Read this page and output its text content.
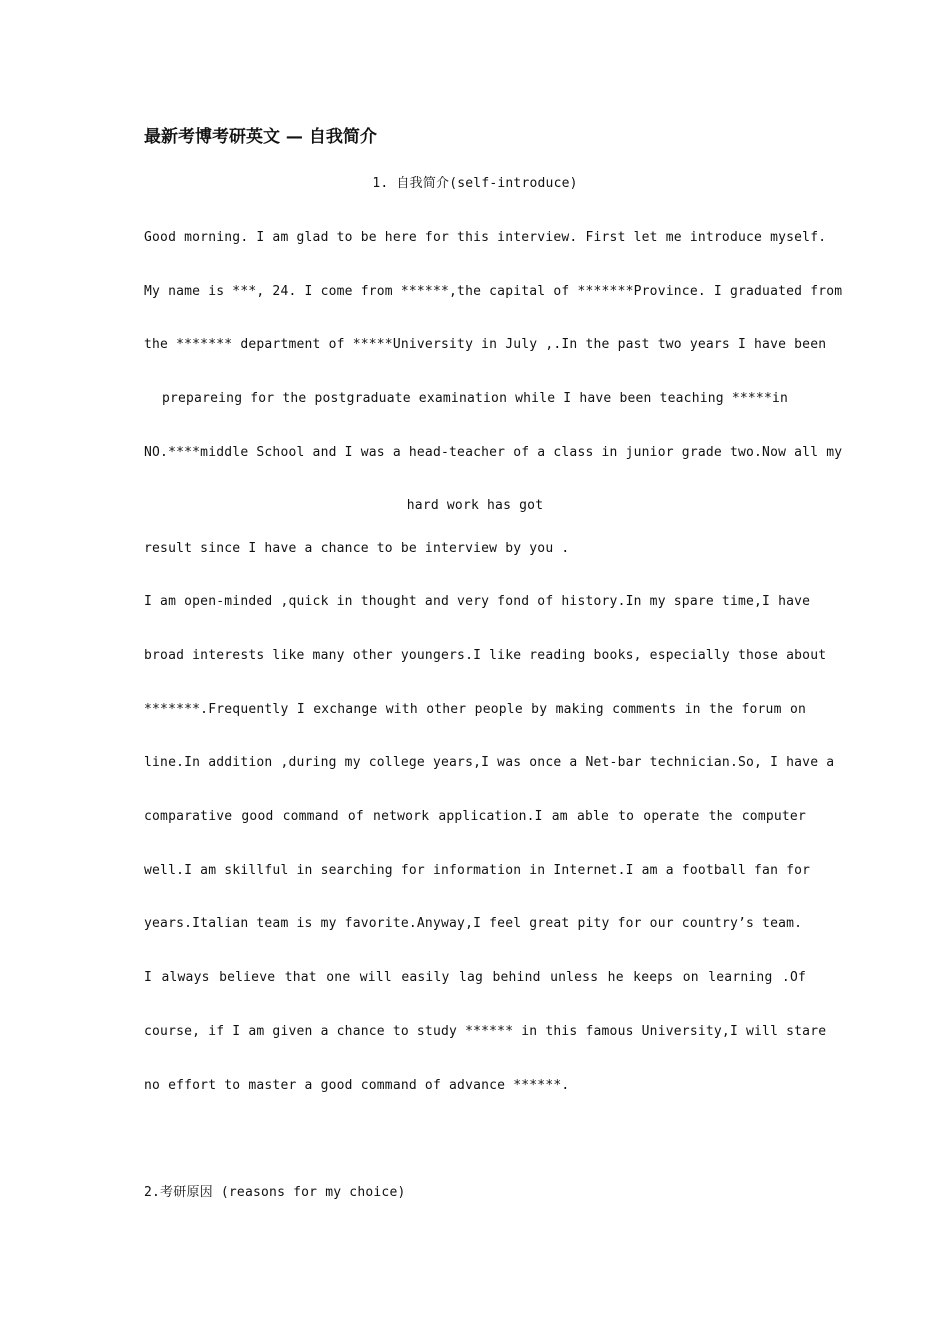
最新考博考研英文 — 自我简介
1. 自我简介(self-introduce)
Good morning. I am glad to be here for this interview. First let me introduce myself.
My name is ***, 24. I come from ******,the capital of *******Province. I graduated from
the ******* department of *****University in July ,.In the past two years I have been
prepareing for the postgraduate examination while I have been teaching *****in
NO.****middle School and I was a head-teacher of a class in junior grade two.Now all my
hard work has got
result since I have a chance to be interview by you .
I am open-minded ,quick in thought and very fond of history.In my spare time,I have
broad interests like many other youngers.I like reading books, especially those about
*******.Frequently I exchange with other people by making comments in the forum on
line.In addition ,during my college years,I was once a Net-bar technician.So, I have a
comparative good command of network application.I am able to operate the computer
well.I am skillful in searching for information in Internet.I am a football fan for
years.Italian team is my favorite.Anyway,I feel great pity for our country’s team.
I always believe that one will easily lag behind unless he keeps on learning .Of
course, if I am given a chance to study ****** in this famous University,I will stare
no effort to master a good command of advance ******.
2.考研原因 (reasons for my choice)
